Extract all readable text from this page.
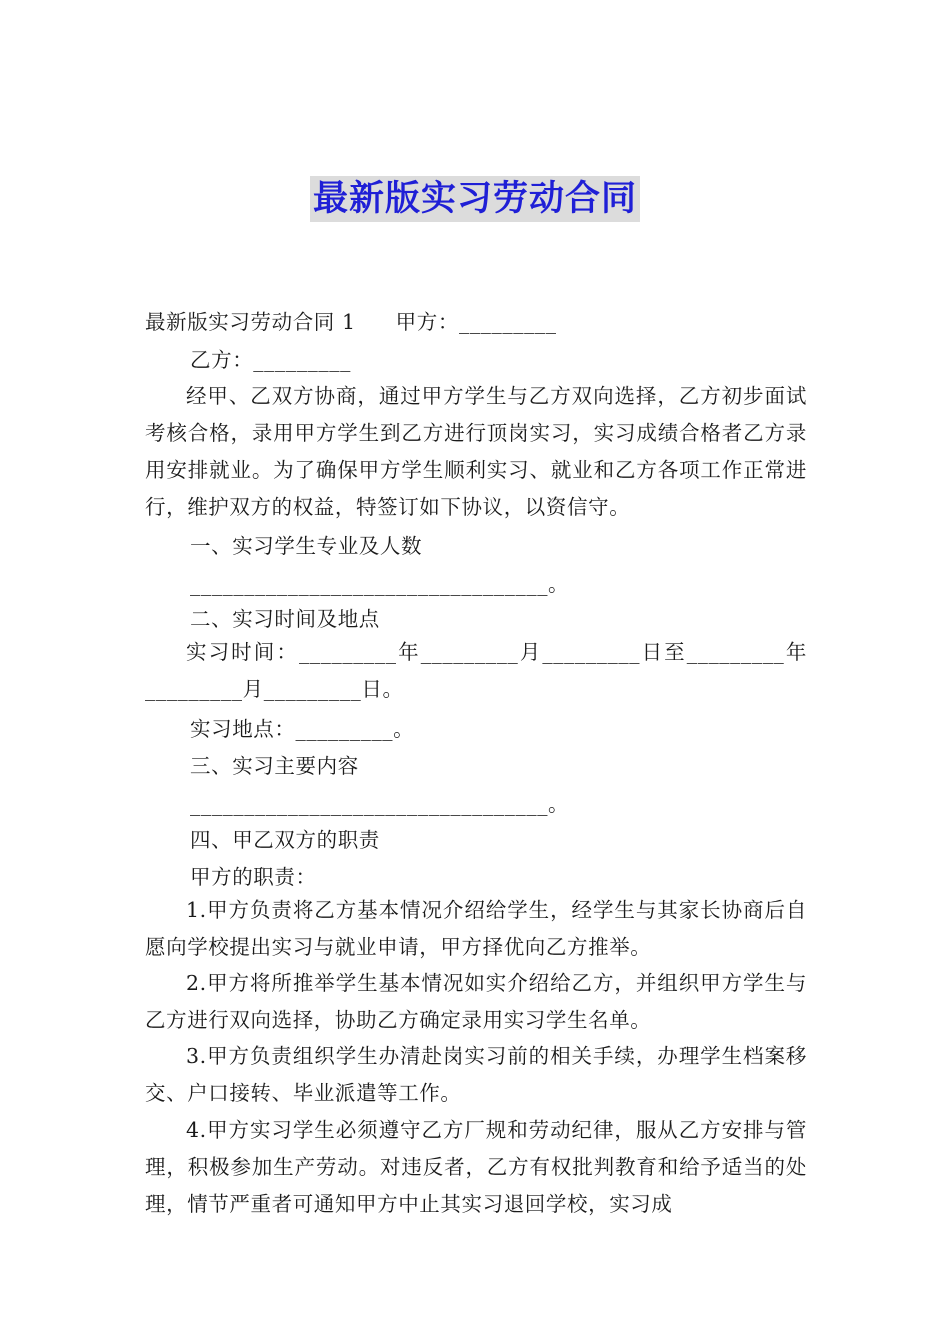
最新版实习劳动合同
最新版实习劳动合同 1 甲方：_________
乙方：_________
经甲、乙双方协商，通过甲方学生与乙方双向选择，乙方初步面试考核合格，录用甲方学生到乙方进行顶岗实习，实习成绩合格者乙方录用安排就业。为了确保甲方学生顺利实习、就业和乙方各项工作正常进行，维护双方的权益，特签订如下协议，以资信守。
一、实习学生专业及人数
_________________________________。
二、实习时间及地点
实习时间：_________年_________月_________日至_________年_________月_________日。
实习地点：_________。
三、实习主要内容
_________________________________。
四、甲乙双方的职责
甲方的职责：
1.甲方负责将乙方基本情况介绍给学生，经学生与其家长协商后自愿向学校提出实习与就业申请，甲方择优向乙方推举。
2.甲方将所推举学生基本情况如实介绍给乙方，并组织甲方学生与乙方进行双向选择，协助乙方确定录用实习学生名单。
3.甲方负责组织学生办清赴岗实习前的相关手续，办理学生档案移交、户口接转、毕业派遣等工作。
4.甲方实习学生必须遵守乙方厂规和劳动纪律，服从乙方安排与管理，积极参加生产劳动。对违反者，乙方有权批判教育和给予适当的处理，情节严重者可通知甲方中止其实习退回学校，实习成
